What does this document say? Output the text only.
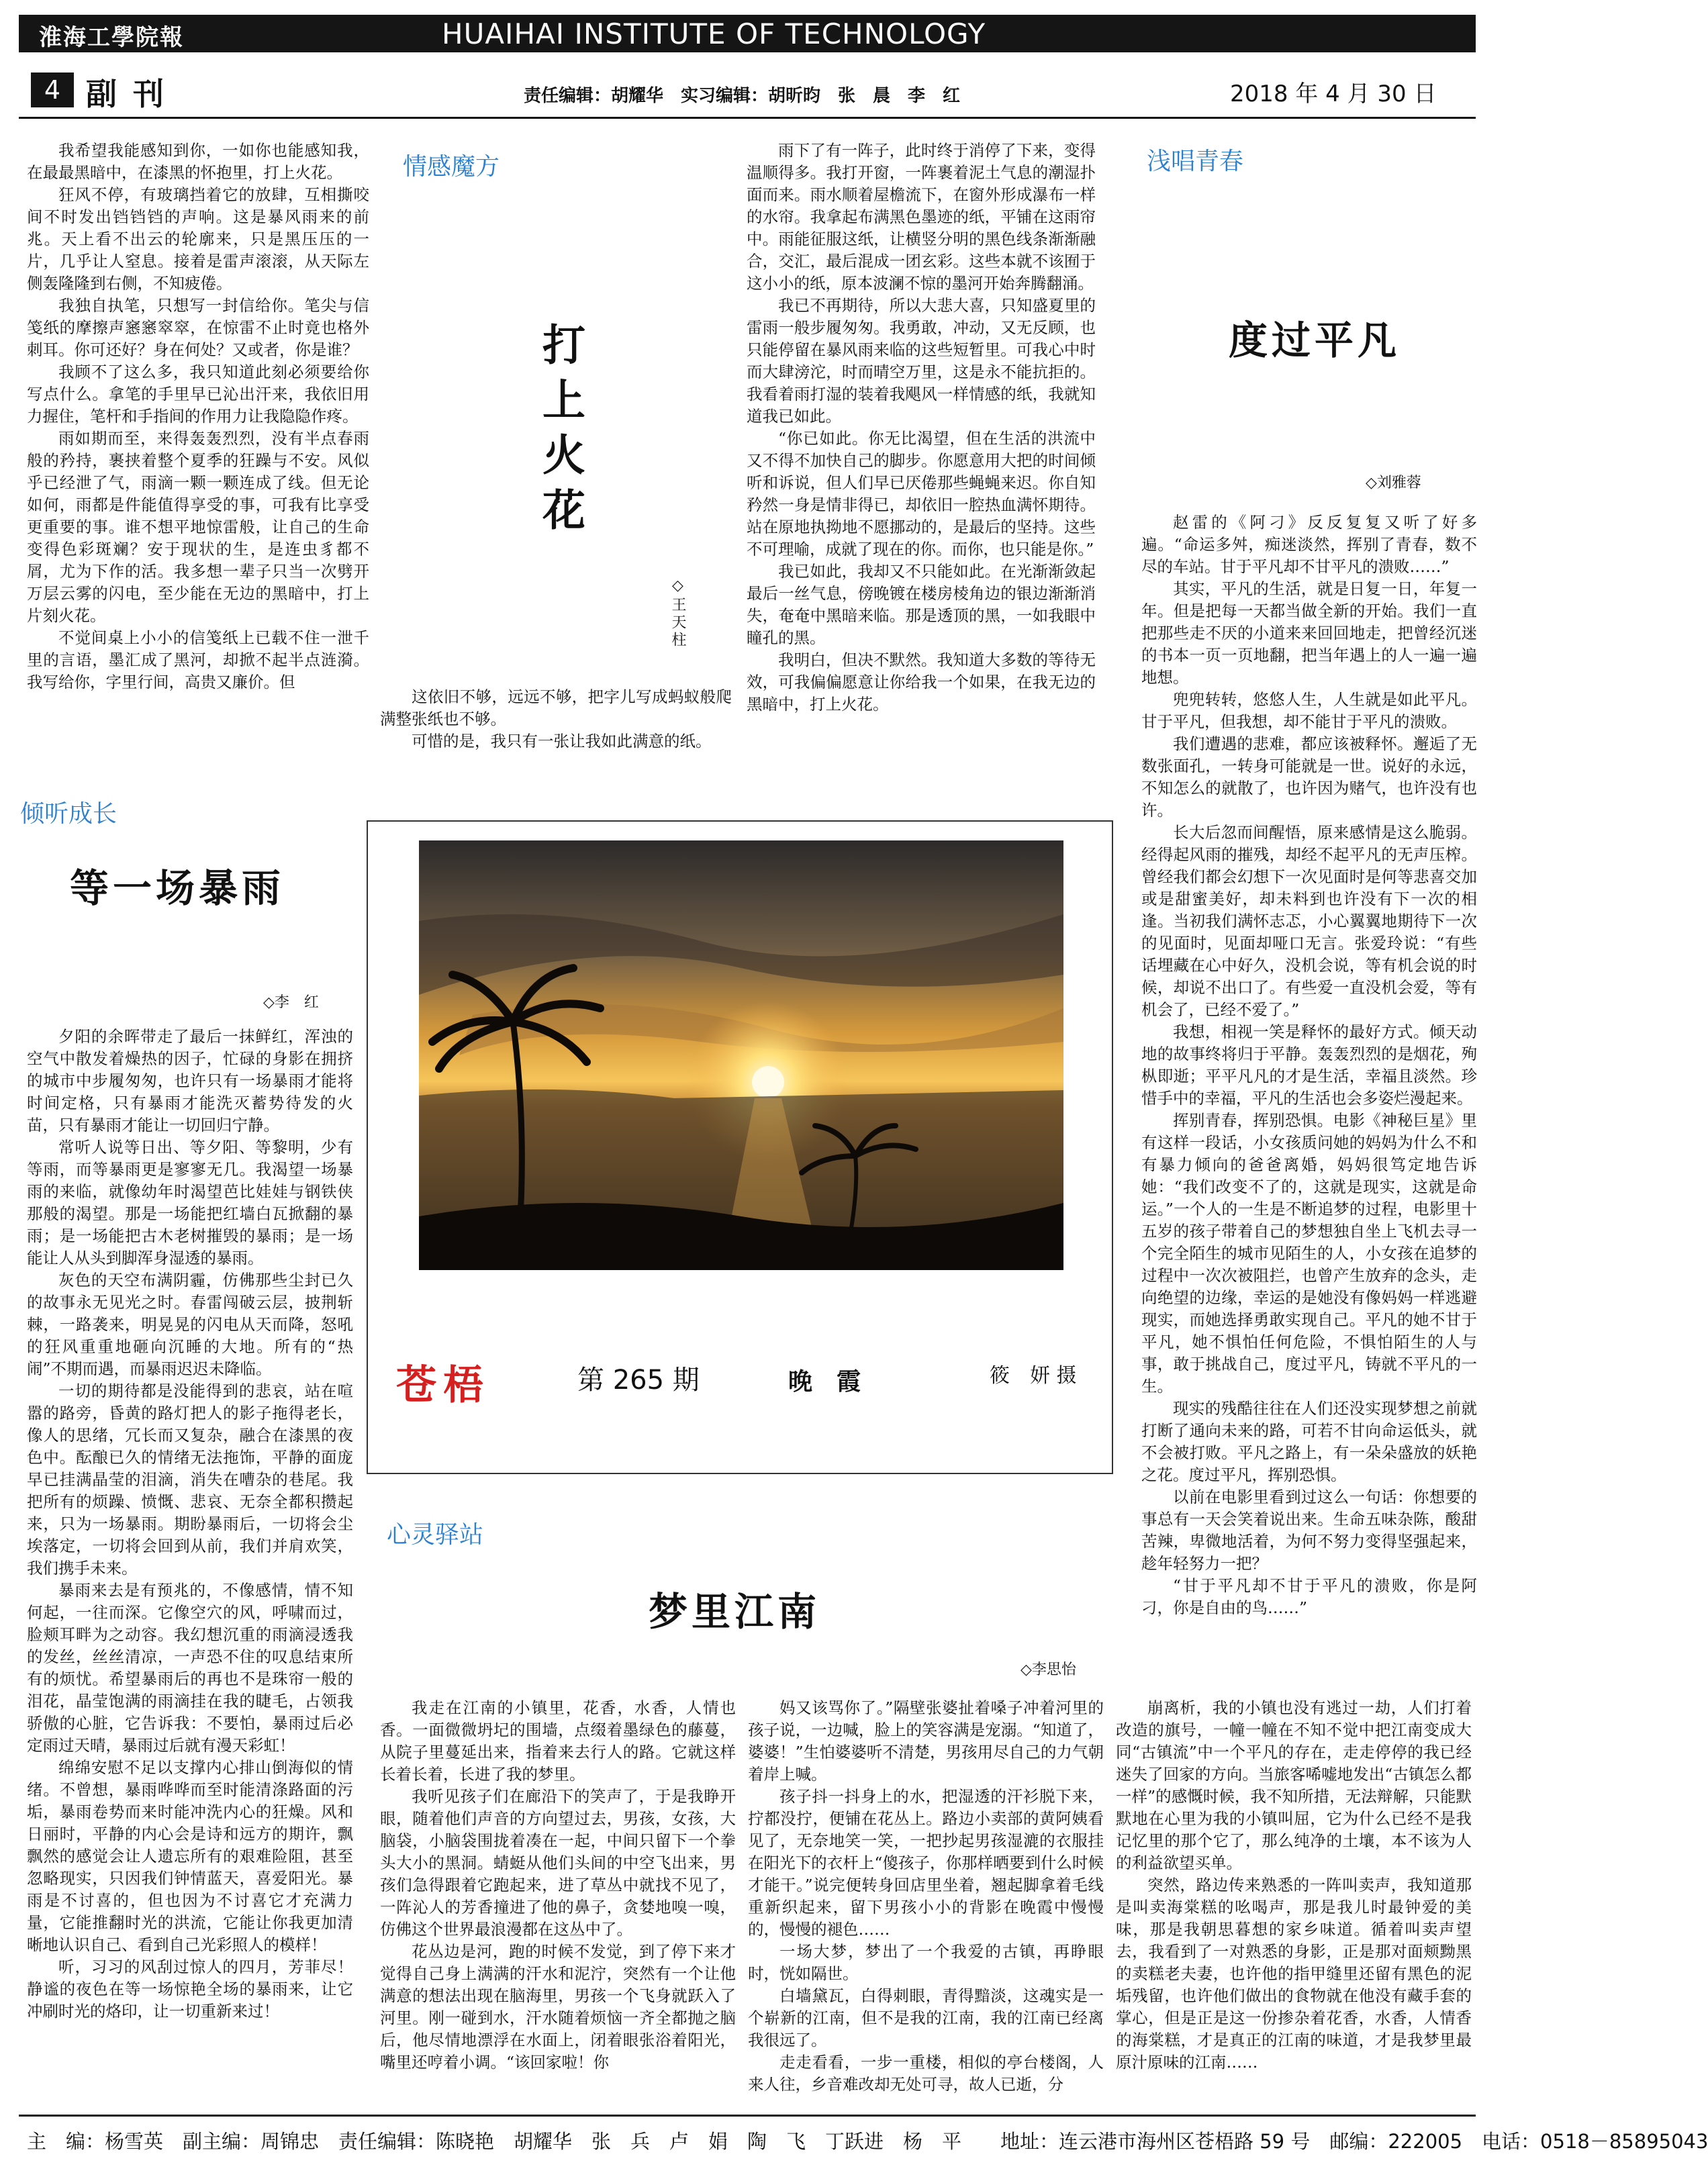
淮海工學院報	HUAIHAI INSTITUTE OF TECHNOLOGY
4 副刊	责任编辑：胡耀华　实习编辑：胡昕昀　张　晨　李　红	2018 年 4 月 30 日

我希望我能感知到你，一如你也能感知我，在最最黑暗中，在漆黑的怀抱里，打上火花。

狂风不停，有玻璃挡着它的放肆，互相撕咬间不时发出铛铛铛的声响。这是暴风雨来的前兆。天上看不出云的轮廓来，只是黑压压的一片，几乎让人窒息。接着是雷声滚滚，从天际左侧轰隆隆到右侧，不知疲倦。

我独自执笔，只想写一封信给你。笔尖与信笺纸的摩擦声窸窸窣窣，在惊雷不止时竟也格外刺耳。你可还好？身在何处？又或者，你是谁？

我顾不了这么多，我只知道此刻必须要给你写点什么。拿笔的手里早已沁出汗来，我依旧用力握住，笔杆和手指间的作用力让我隐隐作疼。

雨如期而至，来得轰轰烈烈，没有半点春雨般的矜持，裹挟着整个夏季的狂躁与不安。风似乎已经泄了气，雨滴一颗一颗连成了线。但无论如何，雨都是件能值得享受的事，可我有比享受更重要的事。谁不想平地惊雷般，让自己的生命变得色彩斑斓？安于现状的生，是连虫豸都不屑，尤为下作的活。我多想一辈子只当一次劈开万层云雾的闪电，至少能在无边的黑暗中，打上片刻火花。

不觉间桌上小小的信笺纸上已载不住一泄千里的言语，墨汇成了黑河，却掀不起半点涟漪。我写给你，字里行间，高贵又廉价。但

情感魔方
打上火花
◇王天柱

这依旧不够，远远不够，把字儿写成蚂蚁般爬满整张纸也不够。

可惜的是，我只有一张让我如此满意的纸。

雨下了有一阵子，此时终于消停了下来，变得温顺得多。我打开窗，一阵裹着泥土气息的潮湿扑面而来。雨水顺着屋檐流下，在窗外形成瀑布一样的水帘。我拿起布满黑色墨迹的纸，平铺在这雨帘中。雨能征服这纸，让横竖分明的黑色线条渐渐融合，交汇，最后混成一团玄彩。这些本就不该囿于这小小的纸，原本波澜不惊的墨河开始奔腾翻涌。

我已不再期待，所以大悲大喜，只知盛夏里的雷雨一般步履匆匆。我勇敢，冲动，又无反顾，也只能停留在暴风雨来临的这些短暂里。可我心中时而大肆滂沱，时而晴空万里，这是永不能抗拒的。我看着雨打湿的装着我飓风一样情感的纸，我就知道我已如此。

“你已如此。你无比渴望，但在生活的洪流中又不得不加快自己的脚步。你愿意用大把的时间倾听和诉说，但人们早已厌倦那些蝇蝇来迟。你自知矜然一身是情非得已，却依旧一腔热血满怀期待。站在原地执拗地不愿挪动的，是最后的坚持。这些不可理喻，成就了现在的你。而你，也只能是你。”

我已如此，我却又不只能如此。在光渐渐敛起最后一丝气息，傍晚镀在楼房棱角边的银边渐渐消失，奄奄中黑暗来临。那是透顶的黑，一如我眼中瞳孔的黑。

我明白，但决不默然。我知道大多数的等待无效，可我偏偏愿意让你给我一个如果，在我无边的黑暗中，打上火花。

浅唱青春
度过平凡
◇刘雅蓉

赵雷的《阿刁》反反复复又听了好多遍。“命运多舛，痴迷淡然，挥别了青春，数不尽的车站。甘于平凡却不甘平凡的溃败……”

其实，平凡的生活，就是日复一日，年复一年。但是把每一天都当做全新的开始。我们一直把那些走不厌的小道来来回回地走，把曾经沉迷的书本一页一页地翻，把当年遇上的人一遍一遍地想。

兜兜转转，悠悠人生，人生就是如此平凡。甘于平凡，但我想，却不能甘于平凡的溃败。

我们遭遇的悲难，都应该被释怀。邂逅了无数张面孔，一转身可能就是一世。说好的永远，不知怎么的就散了，也许因为赌气，也许没有也许。

长大后忽而间醒悟，原来感情是这么脆弱。经得起风雨的摧残，却经不起平凡的无声压榨。曾经我们都会幻想下一次见面时是何等悲喜交加或是甜蜜美好，却未料到也许没有下一次的相逢。当初我们满怀志忑，小心翼翼地期待下一次的见面时，见面却哑口无言。张爱玲说：“有些话埋藏在心中好久，没机会说，等有机会说的时候，却说不出口了。有些爱一直没机会爱，等有机会了，已经不爱了。”

我想，相视一笑是释怀的最好方式。倾天动地的故事终将归于平静。轰轰烈烈的是烟花，殉枞即逝；平平凡凡的才是生活，幸福且淡然。珍惜手中的幸福，平凡的生活也会多姿烂漫起来。

挥别青春，挥别恐惧。电影《神秘巨星》里有这样一段话，小女孩质问她的妈妈为什么不和有暴力倾向的爸爸离婚，妈妈很笃定地告诉她：“我们改变不了的，这就是现实，这就是命运。”一个人的一生是不断追梦的过程，电影里十五岁的孩子带着自己的梦想独自坐上飞机去寻一个完全陌生的城市见陌生的人，小女孩在追梦的过程中一次次被阻拦，也曾产生放弃的念头，走向绝望的边缘，幸运的是她没有像妈妈一样逃避现实，而她选择勇敢实现自己。平凡的她不甘于平凡，她不惧怕任何危险，不惧怕陌生的人与事，敢于挑战自己，度过平凡，铸就不平凡的一生。

现实的残酷往往在人们还没实现梦想之前就打断了通向未来的路，可若不甘向命运低头，就不会被打败。平凡之路上，有一朵朵盛放的妖艳之花。度过平凡，挥别恐惧。

以前在电影里看到过这么一句话：你想要的事总有一天会笑着说出来。生命五味杂陈，酸甜苦辣，卑微地活着，为何不努力变得坚强起来，趁年轻努力一把？

“甘于平凡却不甘于平凡的溃败，你是阿刁，你是自由的鸟……”

倾听成长
等一场暴雨
◇李　红

夕阳的余晖带走了最后一抹鲜红，浑浊的空气中散发着燥热的因子，忙碌的身影在拥挤的城市中步履匆匆，也许只有一场暴雨才能将时间定格，只有暴雨才能洗灭蓄势待发的火苗，只有暴雨才能让一切回归宁静。

常听人说等日出、等夕阳、等黎明，少有等雨，而等暴雨更是寥寥无几。我渴望一场暴雨的来临，就像幼年时渴望芭比娃娃与钢铁侠那般的渴望。那是一场能把红墙白瓦掀翻的暴雨；是一场能把古木老树摧毁的暴雨；是一场能让人从头到脚浑身湿透的暴雨。

灰色的天空布满阴霾，仿佛那些尘封已久的故事永无见光之时。春雷闯破云层，披荆斩棘，一路袭来，明晃晃的闪电从天而降，怒吼的狂风重重地砸向沉睡的大地。所有的“热闹”不期而遇，而暴雨迟迟未降临。

一切的期待都是没能得到的悲哀，站在喧嚣的路旁，昏黄的路灯把人的影子拖得老长，像人的思绪，冗长而又复杂，融合在漆黑的夜色中。酝酿已久的情绪无法拖饰，平静的面庞早已挂满晶莹的泪滴，消失在嘈杂的巷尾。我把所有的烦躁、愤慨、悲哀、无奈全都积攒起来，只为一场暴雨。期盼暴雨后，一切将会尘埃落定，一切将会回到从前，我们并肩欢笑，我们携手未来。

暴雨来去是有预兆的，不像感情，情不知何起，一往而深。它像空穴的风，呼啸而过，脸颊耳畔为之动容。我幻想沉重的雨滴浸透我的发丝，丝丝清凉，一声恐不住的叹息结束所有的烦忧。希望暴雨后的再也不是珠帘一般的泪花，晶莹饱满的雨滴挂在我的睫毛，占领我骄傲的心脏，它告诉我：不要怕，暴雨过后必定雨过天晴，暴雨过后就有漫天彩虹！

绵绵安慰不足以支撑内心排山倒海似的情绪。不曾想，暴雨哗哗而至时能清涤路面的污垢，暴雨卷势而来时能冲洗内心的狂燥。风和日丽时，平静的内心会是诗和远方的期许，飘飘然的感觉会让人遗忘所有的艰难险阻，甚至忽略现实，只因我们钟情蓝天，喜爱阳光。暴雨是不讨喜的，但也因为不讨喜它才充满力量，它能推翻时光的洪流，它能让你我更加清晰地认识自己、看到自己光彩照人的模样！

听，习习的风刮过惊人的四月，芳菲尽！静谧的夜色在等一场惊艳全场的暴雨来，让它冲刷时光的烙印，让一切重新来过！

苍梧	第 265 期	晚　霞	筱　妍 摄
心灵驿站
梦里江南
◇李思怡

我走在江南的小镇里，花香，水香，人情也香。一面微微坍圮的围墙，点缀着墨绿色的藤蔓，从院子里蔓延出来，指着来去行人的路。它就这样长着长着，长进了我的梦里。

我听见孩子们在廊沿下的笑声了，于是我睁开眼，随着他们声音的方向望过去，男孩，女孩，大脑袋，小脑袋围拢着凑在一起，中间只留下一个拳头大小的黑洞。蜻蜓从他们头间的中空飞出来，男孩们急得跟着它跑起来，进了草丛中就找不见了，一阵沁人的芳香撞进了他的鼻子，贪婪地嗅一嗅，仿佛这个世界最浪漫都在这丛中了。

花丛边是河，跑的时候不发觉，到了停下来才觉得自己身上满满的汗水和泥泞，突然有一个让他满意的想法出现在脑海里，男孩一个飞身就跃入了河里。刚一碰到水，汗水随着烦恼一齐全都抛之脑后，他尽情地漂浮在水面上，闭着眼张浴着阳光，嘴里还哼着小调。“该回家啦！你

妈又该骂你了。”隔壁张婆扯着嗓子冲着河里的孩子说，一边喊，脸上的笑容满是宠溺。“知道了，婆婆！”生怕婆婆听不清楚，男孩用尽自己的力气朝着岸上喊。

孩子抖一抖身上的水，把湿透的汗衫脱下来，拧都没拧，便铺在花丛上。路边小卖部的黄阿姨看见了，无奈地笑一笑，一把抄起男孩湿漉的衣服挂在阳光下的衣杆上“傻孩子，你那样晒要到什么时候才能干。”说完便转身回店里坐着，翘起脚拿着毛线重新织起来，留下男孩小小的背影在晚霞中慢慢的，慢慢的褪色……

一场大梦，梦出了一个我爱的古镇，再睁眼时，恍如隔世。

白墙黛瓦，白得刺眼，青得黯淡，这魂实是一个崭新的江南，但不是我的江南，我的江南已经离我很远了。

走走看看，一步一重楼，相似的亭台楼阁，人来人往，乡音难改却无处可寻，故人已逝，分

崩离析，我的小镇也没有逃过一劫，人们打着改造的旗号，一幢一幢在不知不觉中把江南变成大同“古镇流”中一个平凡的存在，走走停停的我已经迷失了回家的方向。当旅客唏嘘地发出“古镇怎么都一样”的感慨时候，我不知所措，无法辩解，只能默默地在心里为我的小镇叫屈，它为什么已经不是我记忆里的那个它了，那么纯净的土壤，本不该为人的利益欲望买单。

突然，路边传来熟悉的一阵叫卖声，我知道那是叫卖海棠糕的吆喝声，那是我儿时最钟爱的美味，那是我朝思暮想的家乡味道。循着叫卖声望去，我看到了一对熟悉的身影，正是那对面颊黝黑的卖糕老夫妻，也许他的指甲缝里还留有黑色的泥垢残留，也许他们做出的食物就在他没有藏手套的掌心，但是正是这一份掺杂着花香，水香，人情香的海棠糕，才是真正的江南的味道，才是我梦里最原汁原味的江南……

主　编：杨雪英　副主编：周锦忠　责任编辑：陈晓艳　胡耀华　张　兵　卢　娟　陶　飞　丁跃进　杨　平　　地址：连云港市海州区苍梧路 59 号　邮编：222005　电话：0518－85895043
